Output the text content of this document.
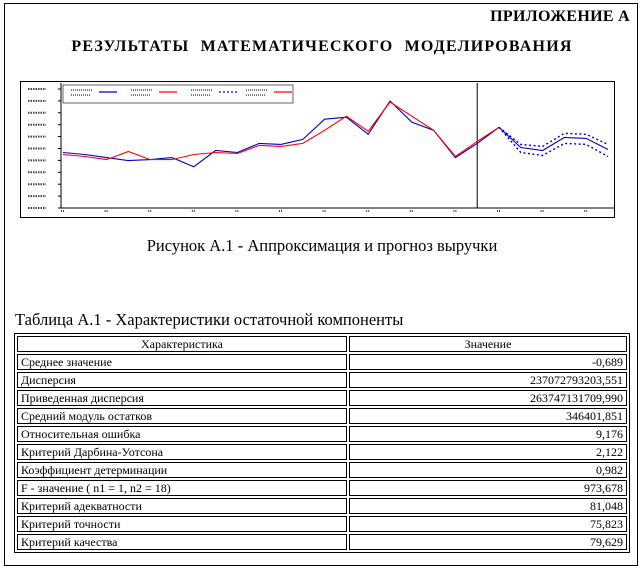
ПРИЛОЖЕНИЕ А
РЕЗУЛЬТАТЫ МАТЕМАТИЧЕСКОГО МОДЕЛИРОВАНИЯ
Рисунок А.1 - Аппроксимация и прогноз выручки
Таблица А.1 - Характеристики остаточной компоненты
Характеристика	Значение
Среднее значение	-0,689
Дисперсия	237072793203,551
Приведенная дисперсия	263747131709,990
Средний модуль остатков	346401,851
Относительная ошибка	9,176
Критерий Дарбина-Уотсона	2,122
Коэффициент детерминации	0,982
F - значение ( n1 = 1, n2 = 18)	973,678
Критерий адекватности	81,048
Критерий точности	75,823
Критерий качества	79,629
